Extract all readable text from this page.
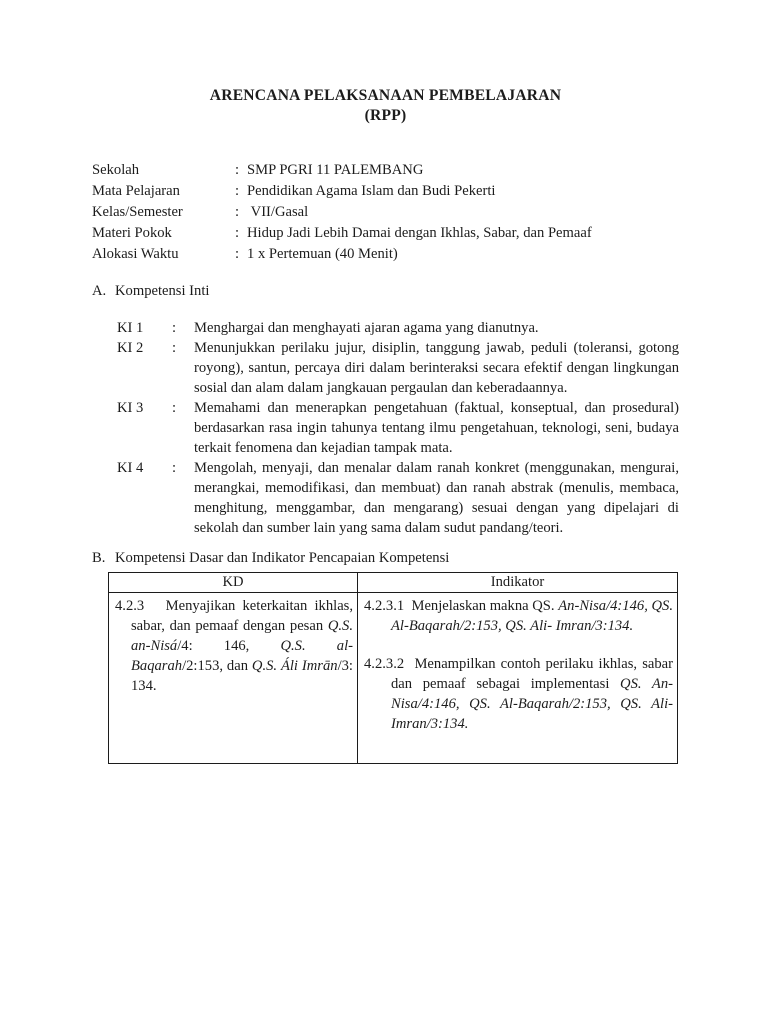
ARENCANA PELAKSANAAN PEMBELAJARAN
(RPP)
Sekolah	: SMP PGRI 11 PALEMBANG
Mata Pelajaran	: Pendidikan Agama Islam dan Budi Pekerti
Kelas/Semester	: VII/Gasal
Materi Pokok	: Hidup Jadi Lebih Damai dengan Ikhlas, Sabar, dan Pemaaf
Alokasi Waktu	: 1 x Pertemuan (40 Menit)
A. Kompetensi Inti
KI 1	:	Menghargai dan menghayati ajaran agama yang dianutnya.
KI 2	:	Menunjukkan perilaku jujur, disiplin, tanggung jawab, peduli (toleransi, gotong royong), santun, percaya diri dalam berinteraksi secara efektif dengan lingkungan sosial dan alam dalam jangkauan pergaulan dan keberadaannya.
KI 3	:	Memahami dan menerapkan pengetahuan (faktual, konseptual, dan prosedural) berdasarkan rasa ingin tahunya tentang ilmu pengetahuan, teknologi, seni, budaya terkait fenomena dan kejadian tampak mata.
KI 4	:	Mengolah, menyaji, dan menalar dalam ranah konkret (menggunakan, mengurai, merangkai, memodifikasi, dan membuat) dan ranah abstrak (menulis, membaca, menghitung, menggambar, dan mengarang) sesuai dengan yang dipelajari di sekolah dan sumber lain yang sama dalam sudut pandang/teori.
B. Kompetensi Dasar dan Indikator Pencapaian Kompetensi
KD	Indikator

4.2.3   Menyajikan keterkaitan ikhlas, sabar, dan pemaaf dengan pesan Q.S. an-Nisá/4: 146, Q.S. al-Baqarah/2:153, dan Q.S. Áli Imrān/3: 134.	4.2.3.1  Menjelaskan makna QS. An-Nisa/4:146, QS. Al-Baqarah/2:153, QS. Ali- Imran/3:134.

4.2.3.2  Menampilkan contoh perilaku ikhlas, sabar dan pemaaf sebagai implementasi QS. An-Nisa/4:146, QS. Al-Baqarah/2:153, QS. Ali- Imran/3:134.
